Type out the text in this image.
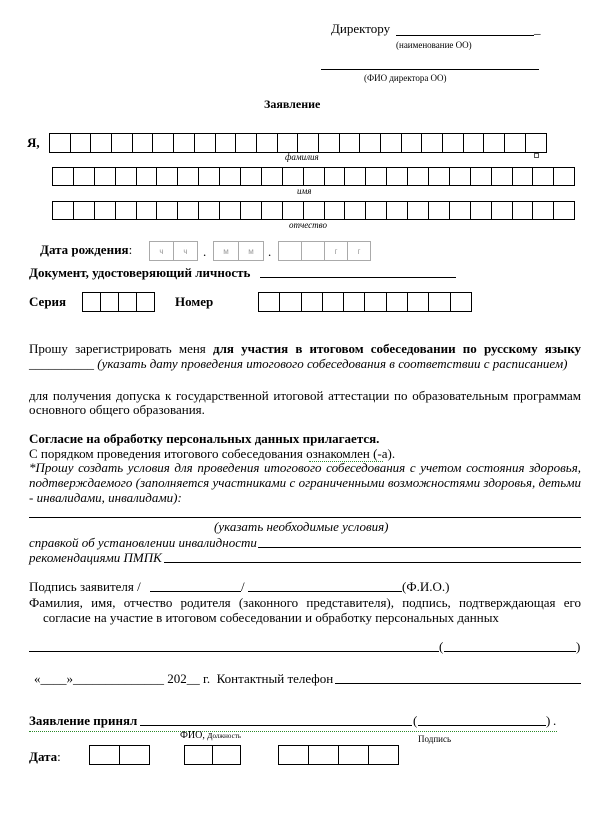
Директору	_
(наименование ОО)
(ФИО директора ОО)
Заявление
Я,
фамилия
имя
отчество
Дата рождения:	ч	ч	.	м	м	.	г	г
Документ, удостоверяющий личность
Серия	Номер
Прошу зарегистрировать меня для участия в итоговом собеседовании по русскому языку
__________ (указать дату проведения итогового собеседования в соответствии с расписанием)
для получения допуска к государственной итоговой аттестации по образовательным программам
основного общего образования.
Согласие на обработку персональных данных прилагается.
С порядком проведения итогового собеседования ознакомлен (-а).
*Прошу создать условия для проведения итогового собеседования с учетом состояния здоровья,
подтверждаемого (заполняется участниками с ограниченными возможностями здоровья, детьми
- инвалидами, инвалидами):
(указать необходимые условия)
справкой об установлении инвалидности
рекомендациями ПМПК
Подпись заявителя /	/	(Ф.И.О.)
Фамилия, имя, отчество родителя (законного представителя), подпись, подтверждающая его
согласие на участие в итоговом собеседовании и обработку персональных данных
(	)
«____»______________ 202__ г. Контактный телефон
Заявление принял	(	) .
ФИО, должность	Подпись
Дата:
